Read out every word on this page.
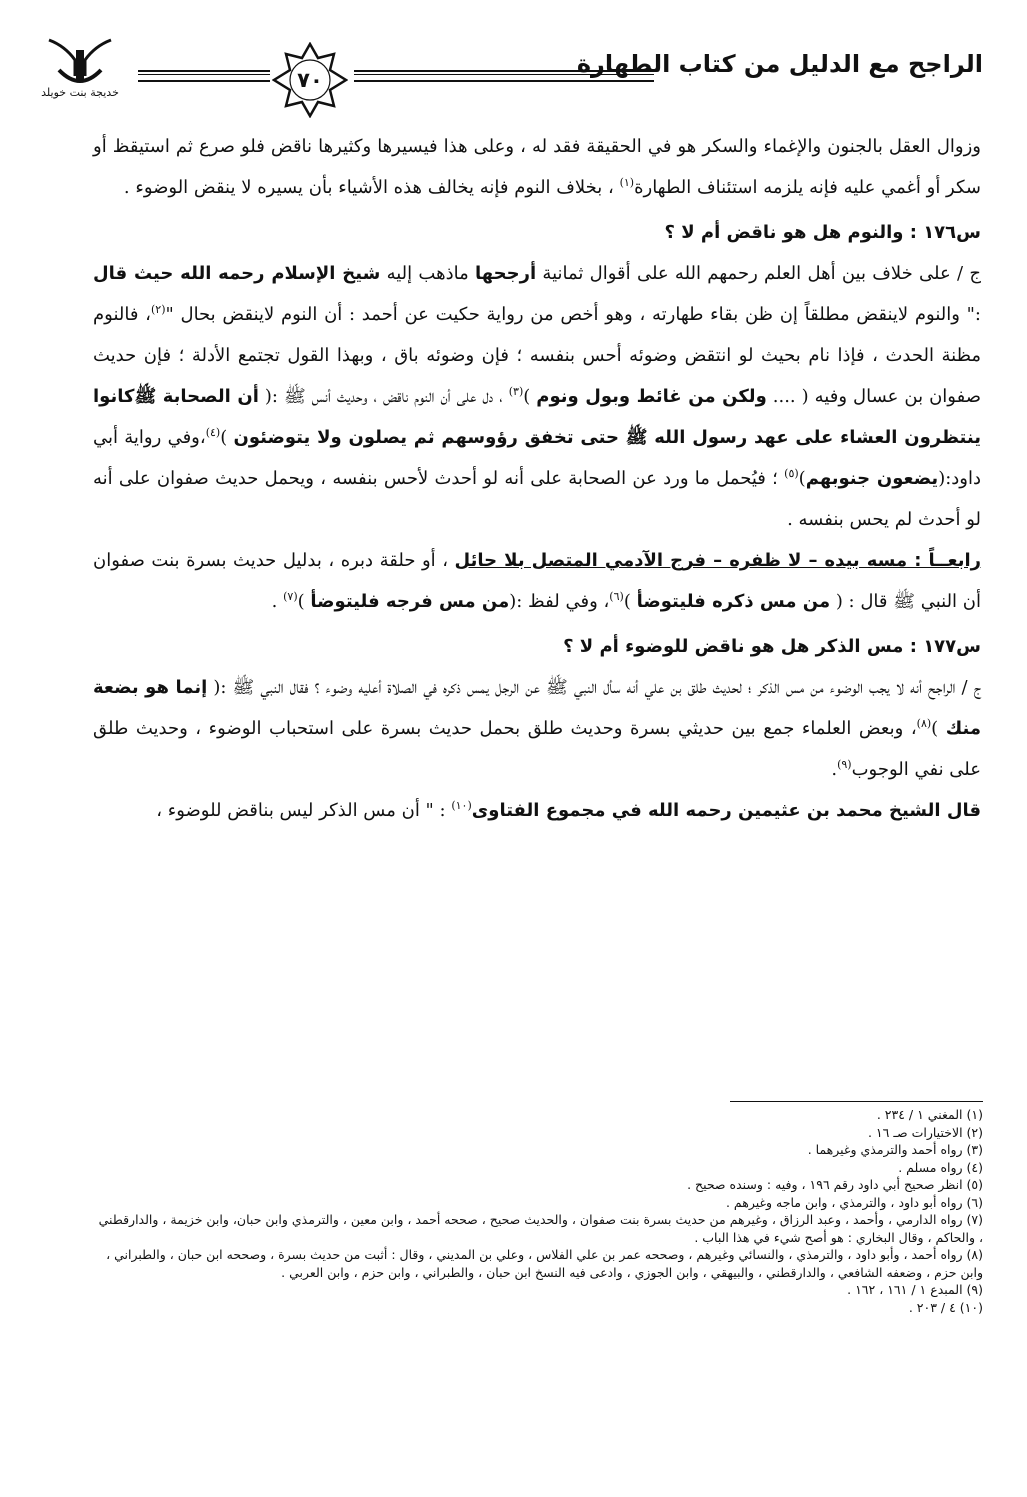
خديجة بنت خويلد
٧٠
الراجح مع الدليل من كتاب الطهارة

وزوال العقل بالجنون والإغماء والسكر هو في الحقيقة فقد له ، وعلى هذا فيسيرها وكثيرها ناقض فلو صرع ثم استيقظ أو سكر أو أغمي عليه فإنه يلزمه استئناف الطهارة$^{(١)}$ ، بخلاف النوم فإنه يخالف هذه الأشياء بأن يسيره لا ينقض الوضوء .

س١٧٦ : والنوم هل هو ناقض أم لا ؟

ج / على خلاف بين أهل العلم رحمهم الله على أقوال ثمانية أرجحها ماذهب إليه شيخ الإسلام رحمه الله حيث قال :" والنوم لاينقض مطلقاً إن ظن بقاء طهارته ، وهو أخص من رواية حكيت عن أحمد : أن النوم لاينقض بحال "$^{(٢)}$، فالنوم مظنة الحدث ، فإذا نام بحيث لو انتقض وضوئه أحس بنفسه ؛ فإن وضوئه باق ، وبهذا القول تجتمع الأدلة ؛ فإن حديث صفوان بن عسال وفيه ( .... ولكن من غائط وبول ونوم )$^{(٣)}$ ، دل على أن النوم ناقض ، وحديث أنس ﷺ :( أن الصحابة ﷺكانوا ينتظرون العشاء على عهد رسول الله ﷺ حتى تخفق رؤوسهم ثم يصلون ولا يتوضئون )$^{(٤)}$،وفي رواية أبي داود:(يضعون جنوبهم)$^{(٥)}$ ؛ فيُحمل ما ورد عن الصحابة على أنه لو أحدث لأحس بنفسه ، ويحمل حديث صفوان على أنه لو أحدث لم يحس بنفسه .

رابعــاً : مسه بيده – لا ظفره – فرج الآدمي المتصل بلا حائل ، أو حلقة دبره ، بدليل حديث بسرة بنت صفوان أن النبي ﷺ قال : ( من مس ذكره فليتوضأ )$^{(٦)}$، وفي لفظ :(من مس فرجه فليتوضأ )$^{(٧)}$ .

س١٧٧ : مس الذكر هل هو ناقض للوضوء أم لا ؟

ج / الراجح أنه لا يجب الوضوء من مس الذكر ؛ لحديث طلق بن علي أنه سأل النبي ﷺ عن الرجل يمس ذكره في الصلاة أعليه وضوء ؟ فقال النبي ﷺ :( إنما هو بضعة منك )$^{(٨)}$، وبعض العلماء جمع بين حديثي بسرة وحديث طلق بحمل حديث بسرة على استحباب الوضوء ، وحديث طلق على نفي الوجوب$^{(٩)}$.

قال الشيخ محمد بن عثيمين رحمه الله في مجموع الفتاوى$^{(١٠)}$ : " أن مس الذكر ليس بناقض للوضوء ،

(١) المغني ١ / ٢٣٤ .
(٢) الاختيارات صـ ١٦ .
(٣) رواه أحمد والترمذي وغيرهما .
(٤) رواه مسلم .
(٥) انظر صحيح أبي داود رقم ١٩٦ ، وفيه : وسنده صحيح .
(٦) رواه أبو داود ، والترمذي ، وابن ماجه وغيرهم .
(٧) رواه الدارمي ، وأحمد ، وعبد الرزاق ، وغيرهم من حديث بسرة بنت صفوان ، والحديث صحيح ، صححه أحمد ، وابن معين ، والترمذي وابن حبان، وابن خزيمة ، والدارقطني ، والحاكم ، وقال البخاري : هو أصح شيء في هذا الباب .
(٨) رواه أحمد ، وأبو داود ، والترمذي ، والنسائي وغيرهم ، وصححه عمر بن علي الفلاس ، وعلي بن المديني ، وقال : أثبت من حديث بسرة ، وصححه ابن حبان ، والطبراني ، وابن حزم ، وضعفه الشافعي ، والدارقطني ، والبيهقي ، وابن الجوزي ، وادعى فيه النسخ ابن حبان ، والطبراني ، وابن حزم ، وابن العربي .
(٩) المبدع ١ / ١٦١ ، ١٦٢ .
(١٠) ٤ / ٢٠٣ .
